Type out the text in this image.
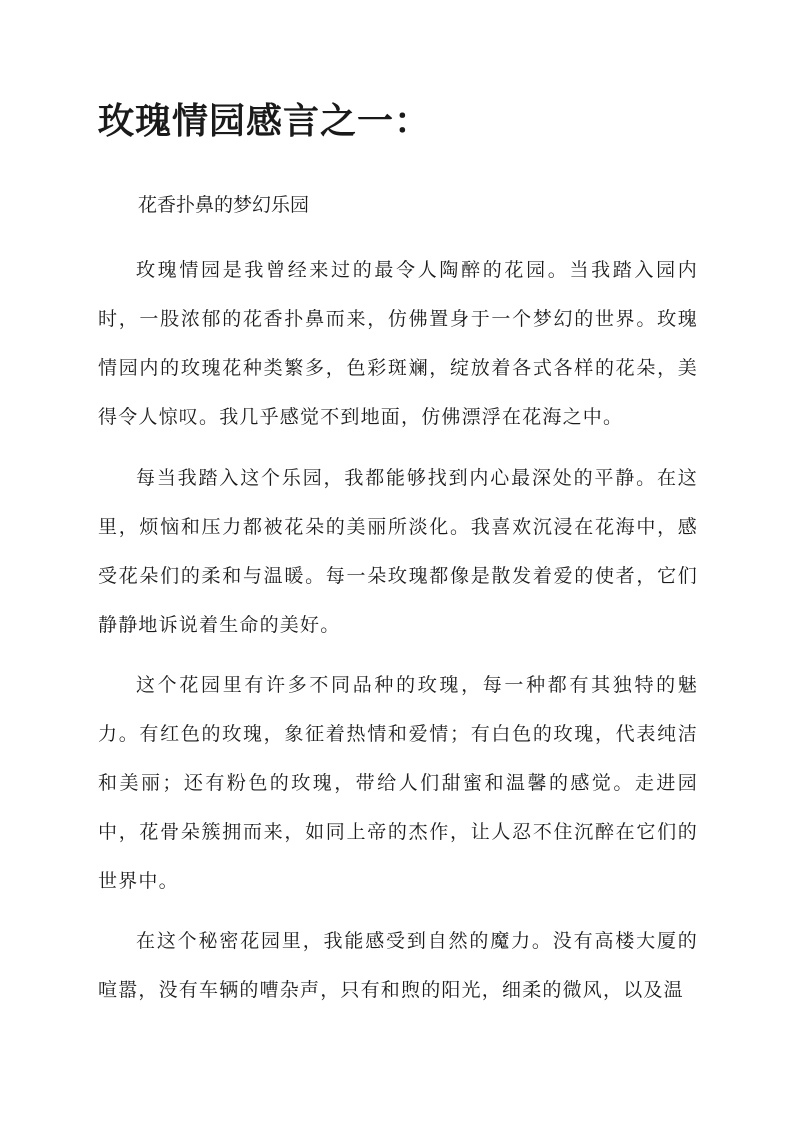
玫瑰情园感言之一：

花香扑鼻的梦幻乐园

玫瑰情园是我曾经来过的最令人陶醉的花园。当我踏入园内时，一股浓郁的花香扑鼻而来，仿佛置身于一个梦幻的世界。玫瑰情园内的玫瑰花种类繁多，色彩斑斓，绽放着各式各样的花朵，美得令人惊叹。我几乎感觉不到地面，仿佛漂浮在花海之中。

每当我踏入这个乐园，我都能够找到内心最深处的平静。在这里，烦恼和压力都被花朵的美丽所淡化。我喜欢沉浸在花海中，感受花朵们的柔和与温暖。每一朵玫瑰都像是散发着爱的使者，它们静静地诉说着生命的美好。

这个花园里有许多不同品种的玫瑰，每一种都有其独特的魅力。有红色的玫瑰，象征着热情和爱情；有白色的玫瑰，代表纯洁和美丽；还有粉色的玫瑰，带给人们甜蜜和温馨的感觉。走进园中，花骨朵簇拥而来，如同上帝的杰作，让人忍不住沉醉在它们的世界中。

在这个秘密花园里，我能感受到自然的魔力。没有高楼大厦的喧嚣，没有车辆的嘈杂声，只有和煦的阳光，细柔的微风，以及温
